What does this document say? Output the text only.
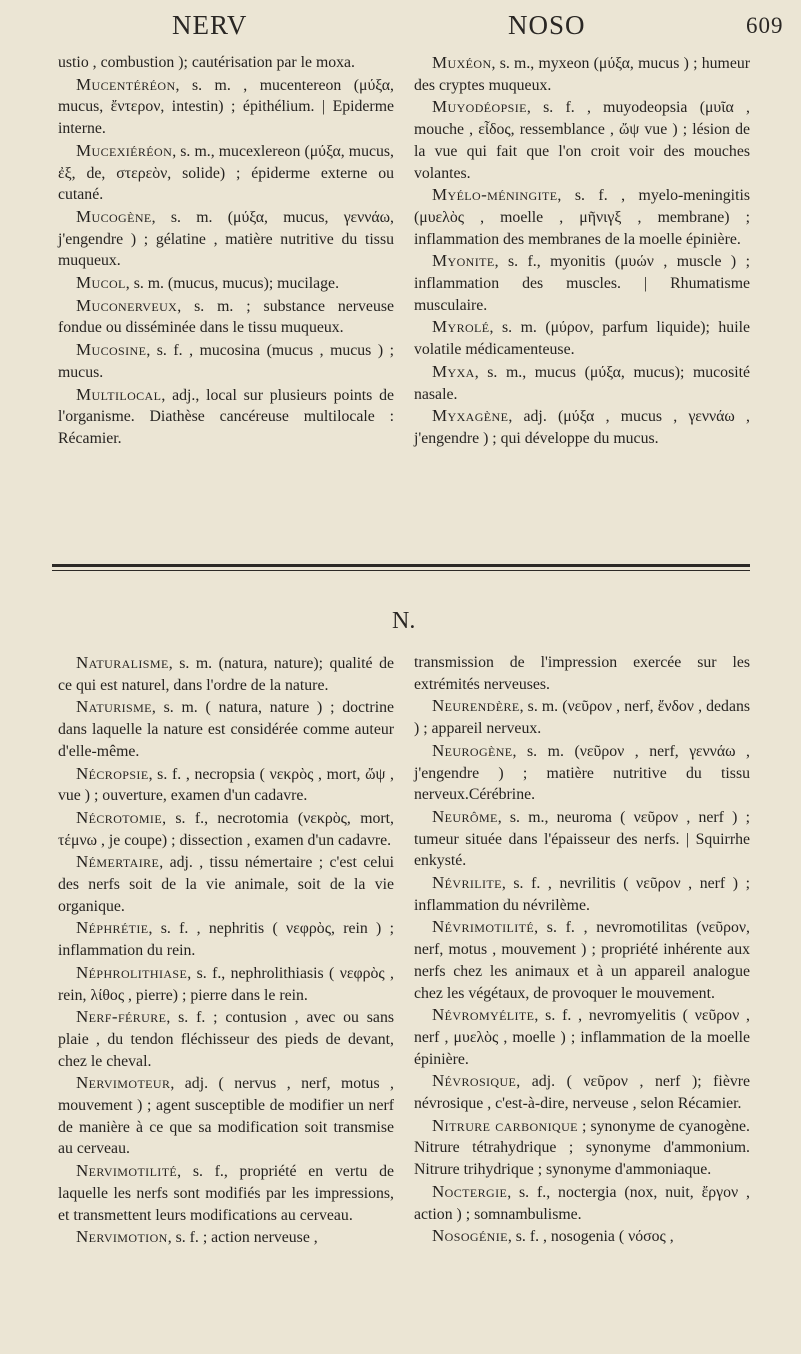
NERV	NOSO	609

ustio , combustion ); cautérisation par le moxa.

Mucentéréon, s. m. , mucentereon (μύξα, mucus, ἔντερον, intestin) ; épithélium. | Epiderme interne.

Mucexiéréon, s. m., mucexlereon (μύξα, mucus, ἐξ, de, στερεὸν, solide) ; épiderme externe ou cutané.

Mucogène, s. m. (μύξα, mucus, γεννάω, j'engendre ) ; gélatine , matière nutritive du tissu muqueux.

Mucol, s. m. (mucus, mucus); mucilage.

Muconerveux, s. m. ; substance nerveuse fondue ou disséminée dans le tissu muqueux.

Mucosine, s. f. , mucosina (mucus , mucus ) ; mucus.

Multilocal, adj., local sur plusieurs points de l'organisme. Diathèse cancéreuse multilocale : Récamier.

Muxéon, s. m., myxeon (μύξα, mucus ) ; humeur des cryptes muqueux.

Muyodéopsie, s. f. , muyodeopsia (μυῖα , mouche , εἶδος, ressemblance , ὤψ vue ) ; lésion de la vue qui fait que l'on croit voir des mouches volantes.

Myélo-méningite, s. f. , myelo-meningitis (μυελὸς , moelle , μῆνιγξ , membrane) ; inflammation des membranes de la moelle épinière.

Myonite, s. f., myonitis (μυών , muscle ) ; inflammation des muscles. | Rhumatisme musculaire.

Myrolé, s. m. (μύρον, parfum liquide); huile volatile médicamenteuse.

Myxa, s. m., mucus (μύξα, mucus); mucosité nasale.

Myxagène, adj. (μύξα , mucus , γεννάω , j'engendre ) ; qui développe du mucus.

N.

Naturalisme, s. m. (natura, nature); qualité de ce qui est naturel, dans l'ordre de la nature.

Naturisme, s. m. ( natura, nature ) ; doctrine dans laquelle la nature est considérée comme auteur d'elle-même.

Nécropsie, s. f. , necropsia ( νεκρὸς , mort, ὤψ , vue ) ; ouverture, examen d'un cadavre.

Nécrotomie, s. f., necrotomia (νεκρὸς, mort, τέμνω , je coupe) ; dissection , examen d'un cadavre.

Némertaire, adj. , tissu némertaire ; c'est celui des nerfs soit de la vie animale, soit de la vie organique.

Néphrétie, s. f. , nephritis ( νεφρὸς, rein ) ; inflammation du rein.

Néphrolithiase, s. f., nephrolithiasis ( νεφρὸς , rein, λίθος , pierre) ; pierre dans le rein.

Nerf-férure, s. f. ; contusion , avec ou sans plaie , du tendon fléchisseur des pieds de devant, chez le cheval.

Nervimoteur, adj. ( nervus , nerf, motus , mouvement ) ; agent susceptible de modifier un nerf de manière à ce que sa modification soit transmise au cerveau.

Nervimotilité, s. f., propriété en vertu de laquelle les nerfs sont modifiés par les impressions, et transmettent leurs modifications au cerveau.

Nervimotion, s. f. ; action nerveuse ,

transmission de l'impression exercée sur les extrémités nerveuses.

Neurendère, s. m. (νεῦρον , nerf, ἔνδον , dedans ) ; appareil nerveux.

Neurogène, s. m. (νεῦρον , nerf, γεννάω , j'engendre ) ; matière nutritive du tissu nerveux.Cérébrine.

Neurôme, s. m., neuroma ( νεῦρον , nerf ) ; tumeur située dans l'épaisseur des nerfs. | Squirrhe enkysté.

Névrilite, s. f. , nevrilitis ( νεῦρον , nerf ) ; inflammation du névrilème.

Névrimotilité, s. f. , nevromotilitas (νεῦρον, nerf, motus , mouvement ) ; propriété inhérente aux nerfs chez les animaux et à un appareil analogue chez les végétaux, de provoquer le mouvement.

Névromyélite, s. f. , nevromyelitis ( νεῦρον , nerf , μυελὸς , moelle ) ; inflammation de la moelle épinière.

Névrosique, adj. ( νεῦρον , nerf ); fièvre névrosique , c'est-à-dire, nerveuse , selon Récamier.

Nitrure carbonique ; synonyme de cyanogène. Nitrure tétrahydrique ; synonyme d'ammonium. Nitrure trihydrique ; synonyme d'ammoniaque.

Noctergie, s. f., noctergia (nox, nuit, ἔργον , action ) ; somnambulisme.

Nosogénie, s. f. , nosogenia ( νόσος ,
